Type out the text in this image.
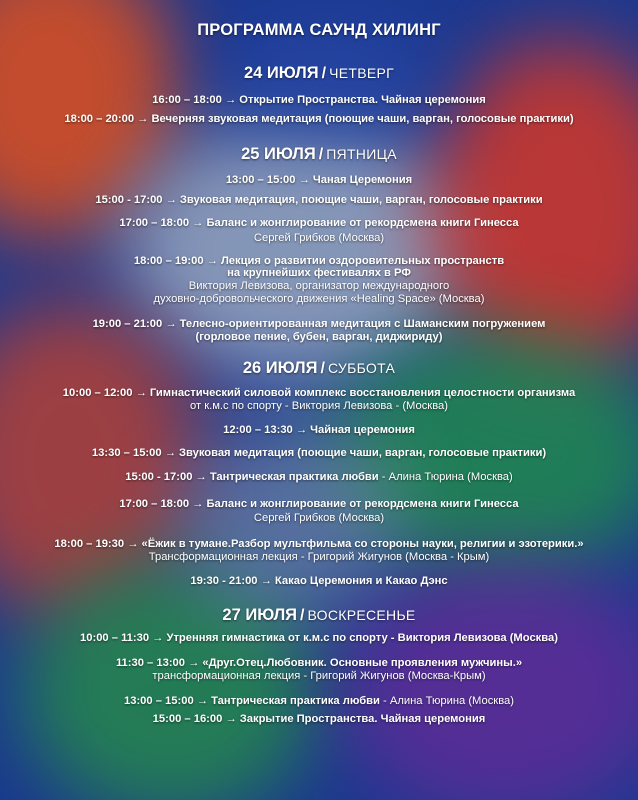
ПРОГРАММА САУНД ХИЛИНГ
24 ИЮЛЯ / ЧЕТВЕРГ
16:00 – 18:00 → Открытие Пространства. Чайная церемония
18:00 – 20:00 → Вечерняя звуковая медитация (поющие чаши, варган, голосовые практики)
25 ИЮЛЯ / ПЯТНИЦА
13:00 – 15:00 → Чаная Церемония
15:00 - 17:00 → Звуковая медитация, поющие чаши, варган, голосовые практики
17:00 – 18:00 → Баланс и жонглирование от рекордсмена книги Гинесса
Сергей Грибков (Москва)
18:00 – 19:00 → Лекция о развитии оздоровительных пространств
на крупнейших фестивалях в РФ
Виктория Левизова, организатор международного
духовно-добровольческого движения «Healing Space» (Москва)
19:00 – 21:00 → Телесно-ориентированная медитация с Шаманским погружением
(горловое пение, бубен, варган, диджириду)
26 ИЮЛЯ / СУББОТА
10:00 – 12:00 → Гимнастический силовой комплекс восстановления целостности организма
от к.м.с по спорту - Виктория Левизова - (Москва)
12:00 – 13:30 → Чайная церемония
13:30 – 15:00 → Звуковая медитация (поющие чаши, варган, голосовые практики)
15:00 - 17:00 → Тантрическая практика любви - Алина Тюрина (Москва)
17:00 – 18:00 → Баланс и жонглирование от рекордсмена книги Гинесса
Сергей Грибков (Москва)
18:00 – 19:30 → «Ёжик в тумане.Разбор мультфильма со стороны науки, религии и эзотерики.»
Трансформационная лекция - Григорий Жигунов (Москва - Крым)
19:30 - 21:00 → Какао Церемония и Какао Дэнс
27 ИЮЛЯ / ВОСКРЕСЕНЬЕ
10:00 – 11:30 → Утренняя гимнастика от к.м.с по спорту - Виктория Левизова (Москва)
11:30 – 13:00 → «Друг.Отец.Любовник. Основные проявления мужчины.»
трансформационная лекция - Григорий Жигунов (Москва-Крым)
13:00 – 15:00 → Тантрическая практика любви - Алина Тюрина (Москва)
15:00 – 16:00 → Закрытие Пространства. Чайная церемония
